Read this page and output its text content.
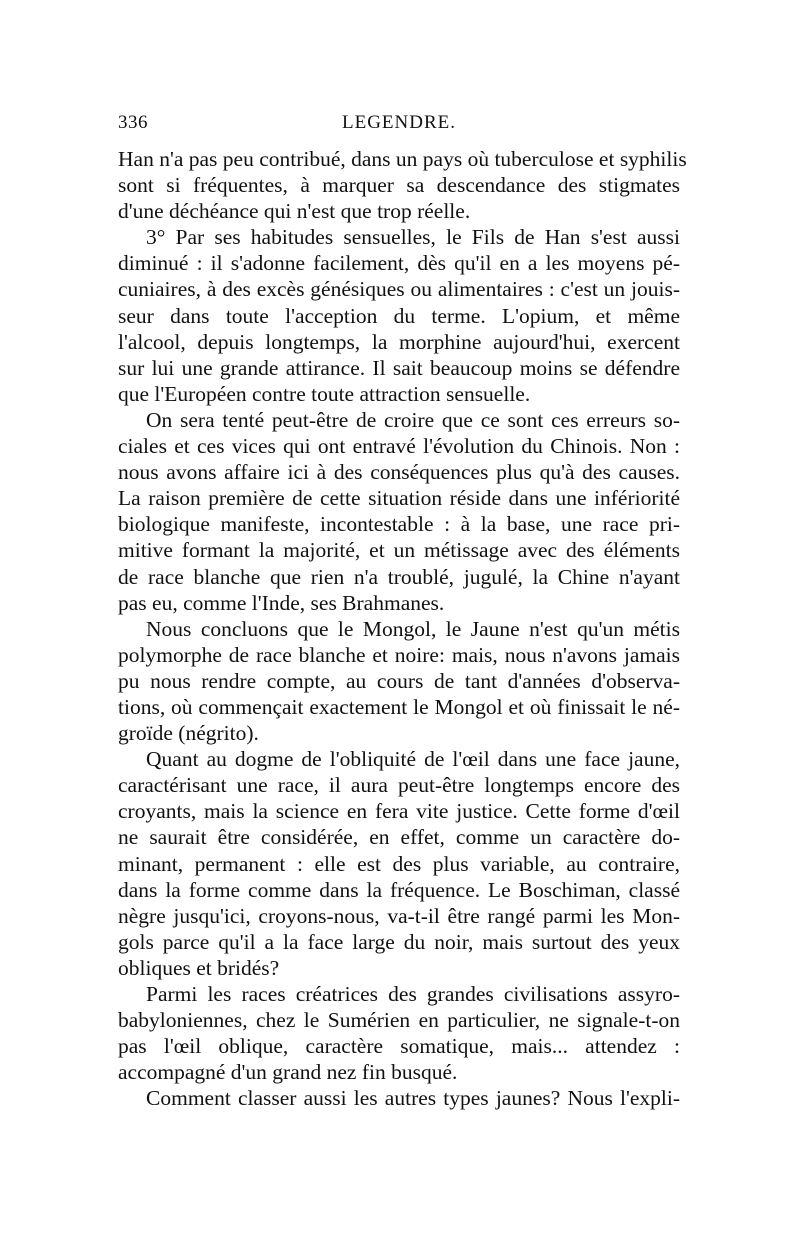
336	LEGENDRE.

Han n'a pas peu contribué, dans un pays où tuberculose et syphilis
sont si fréquentes, à marquer sa descendance des stigmates
d'une déchéance qui n'est que trop réelle.

3° Par ses habitudes sensuelles, le Fils de Han s'est aussi
diminué : il s'adonne facilement, dès qu'il en a les moyens pé-
cuniaires, à des excès génésiques ou alimentaires : c'est un jouis-
seur dans toute l'acception du terme. L'opium, et même
l'alcool, depuis longtemps, la morphine aujourd'hui, exercent
sur lui une grande attirance. Il sait beaucoup moins se défendre
que l'Européen contre toute attraction sensuelle.

On sera tenté peut-être de croire que ce sont ces erreurs so-
ciales et ces vices qui ont entravé l'évolution du Chinois. Non :
nous avons affaire ici à des conséquences plus qu'à des causes.
La raison première de cette situation réside dans une infériorité
biologique manifeste, incontestable : à la base, une race pri-
mitive formant la majorité, et un métissage avec des éléments
de race blanche que rien n'a troublé, jugulé, la Chine n'ayant
pas eu, comme l'Inde, ses Brahmanes.

Nous concluons que le Mongol, le Jaune n'est qu'un métis
polymorphe de race blanche et noire: mais, nous n'avons jamais
pu nous rendre compte, au cours de tant d'années d'observa-
tions, où commençait exactement le Mongol et où finissait le né-
groïde (négrito).

Quant au dogme de l'obliquité de l'œil dans une face jaune,
caractérisant une race, il aura peut-être longtemps encore des
croyants, mais la science en fera vite justice. Cette forme d'œil
ne saurait être considérée, en effet, comme un caractère do-
minant, permanent : elle est des plus variable, au contraire,
dans la forme comme dans la fréquence. Le Boschiman, classé
nègre jusqu'ici, croyons-nous, va-t-il être rangé parmi les Mon-
gols parce qu'il a la face large du noir, mais surtout des yeux
obliques et bridés?

Parmi les races créatrices des grandes civilisations assyro-
babyloniennes, chez le Sumérien en particulier, ne signale-t-on
pas l'œil oblique, caractère somatique, mais... attendez :
accompagné d'un grand nez fin busqué.

Comment classer aussi les autres types jaunes? Nous l'expli-
